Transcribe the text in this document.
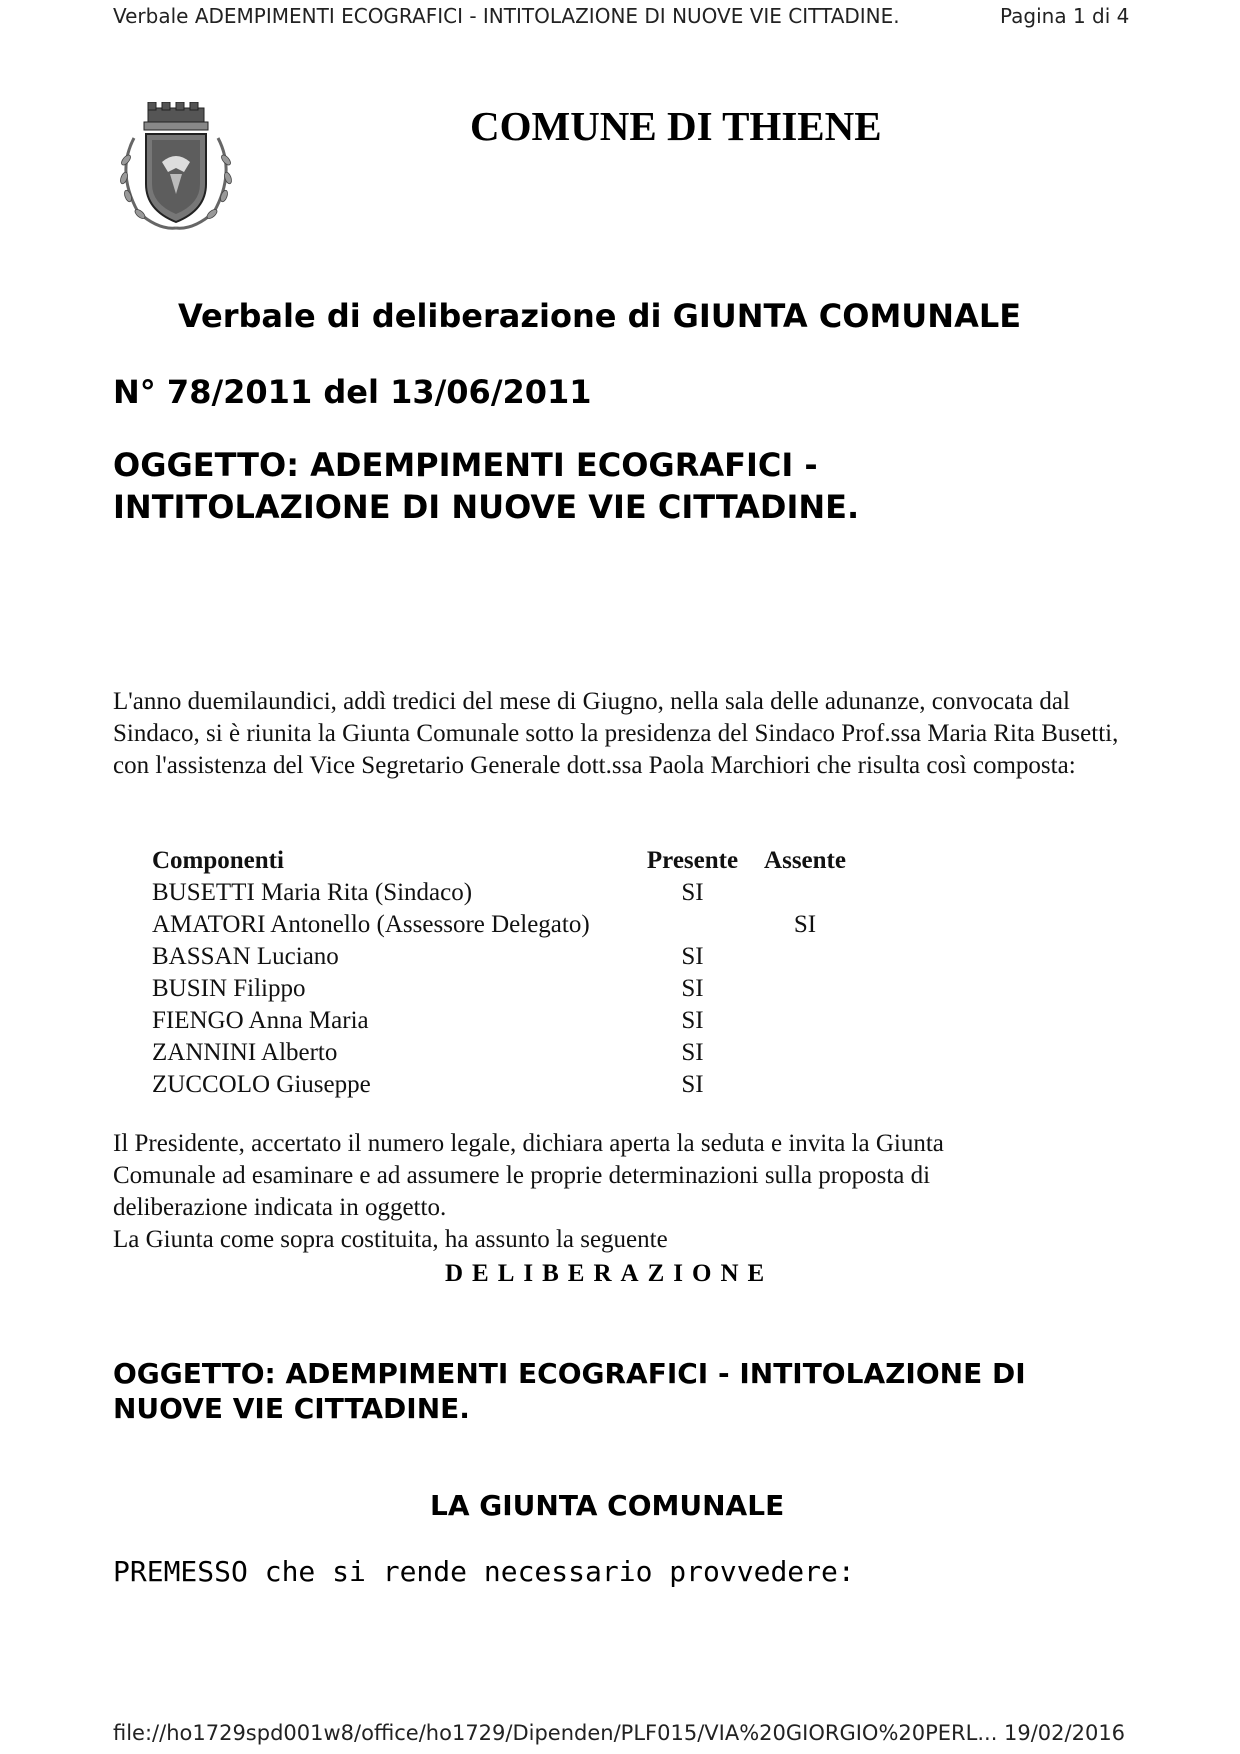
Verbale ADEMPIMENTI ECOGRAFICI - INTITOLAZIONE DI NUOVE VIE CITTADINE.	Pagina 1 di 4
COMUNE DI THIENE
Verbale di deliberazione di GIUNTA COMUNALE
N° 78/2011 del 13/06/2011
OGGETTO: ADEMPIMENTI ECOGRAFICI -
INTITOLAZIONE DI NUOVE VIE CITTADINE.
L'anno duemilaundici, addì tredici del mese di Giugno, nella sala delle adunanze, convocata dal Sindaco, si è riunita la Giunta Comunale sotto la presidenza del Sindaco Prof.ssa Maria Rita Busetti, con l'assistenza del Vice Segretario Generale dott.ssa Paola Marchiori che risulta così composta:
Componenti	Presente	Assente
BUSETTI Maria Rita (Sindaco)	SI	
AMATORI Antonello (Assessore Delegato)		SI
BASSAN Luciano	SI	
BUSIN Filippo	SI	
FIENGO Anna Maria	SI	
ZANNINI Alberto	SI	
ZUCCOLO Giuseppe	SI	
Il Presidente, accertato il numero legale, dichiara aperta la seduta e invita la Giunta
Comunale ad esaminare e ad assumere le proprie determinazioni sulla proposta di
deliberazione indicata in oggetto.
La Giunta come sopra costituita, ha assunto la seguente
DELIBERAZIONE
OGGETTO: ADEMPIMENTI ECOGRAFICI - INTITOLAZIONE DI
NUOVE VIE CITTADINE.
LA GIUNTA COMUNALE
PREMESSO che si rende necessario provvedere:
file://ho1729spd001w8/office/ho1729/Dipenden/PLF015/VIA%20GIORGIO%20PERL... 19/02/2016
